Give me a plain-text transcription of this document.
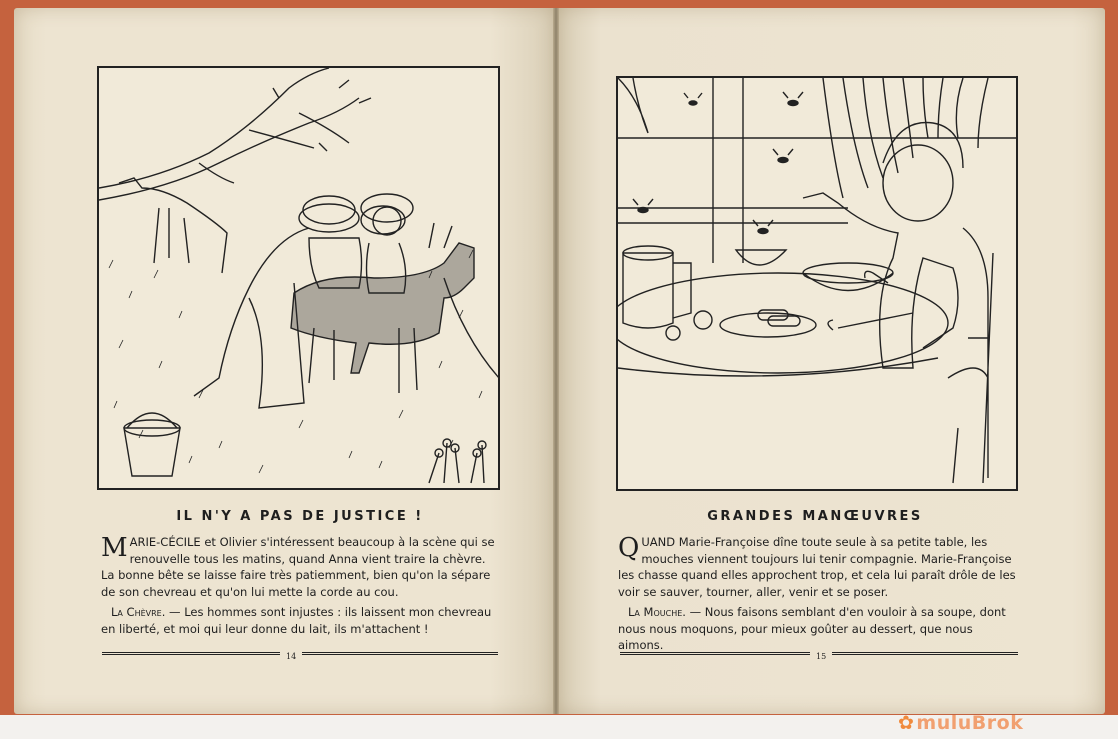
IL N'Y A PAS DE JUSTICE !
MARIE-CÉCILE et Olivier s'intéressent beaucoup à la scène qui se renouvelle tous les matins, quand Anna vient traire la chèvre. La bonne bête se laisse faire très patiemment, bien qu'on la sépare de son chevreau et qu'on lui mette la corde au cou.
La Chèvre. — Les hommes sont injustes : ils laissent mon chevreau en liberté, et moi qui leur donne du lait, ils m'attachent !
14
GRANDES MANŒUVRES
QUAND Marie-Françoise dîne toute seule à sa petite table, les mouches viennent toujours lui tenir compagnie. Marie-Françoise les chasse quand elles approchent trop, et cela lui paraît drôle de les voir se sauver, tourner, aller, venir et se poser.
La Mouche. — Nous faisons semblant d'en vouloir à sa soupe, dont nous nous moquons, pour mieux goûter au dessert, que nous aimons.
15
✿ muluBrok
